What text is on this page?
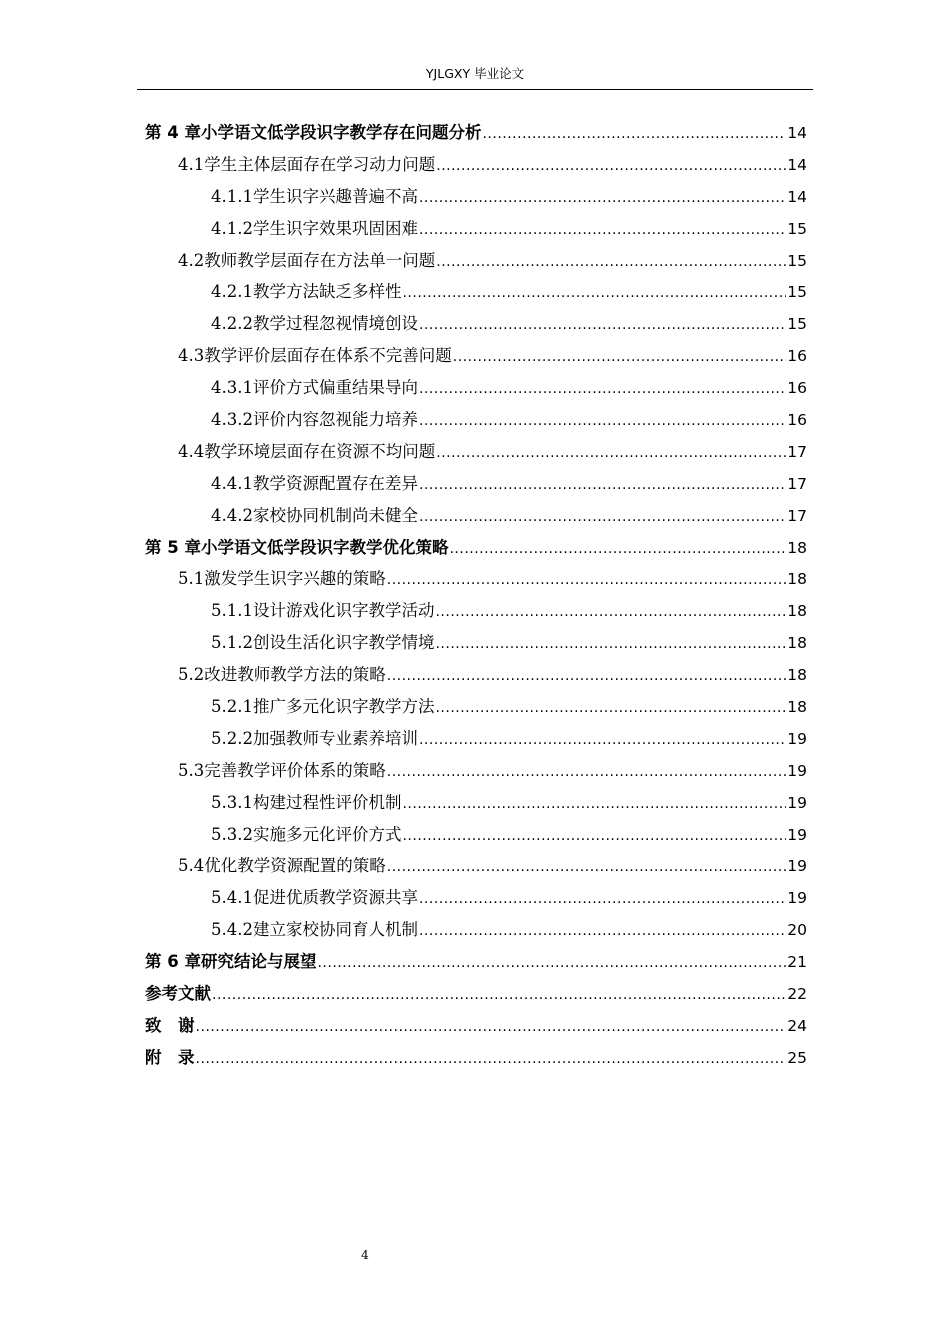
YJLGXY 毕业论文
第 4 章 小学语文低学段识字教学存在问题分析 .....	14
4.1 学生主体层面存在学习动力问题 .....	14
4.1.1 学生识字兴趣普遍不高 .....	14
4.1.2 学生识字效果巩固困难 .....	15
4.2 教师教学层面存在方法单一问题 .....	15
4.2.1 教学方法缺乏多样性 .....	15
4.2.2 教学过程忽视情境创设 .....	15
4.3 教学评价层面存在体系不完善问题 .....	16
4.3.1 评价方式偏重结果导向 .....	16
4.3.2 评价内容忽视能力培养 .....	16
4.4 教学环境层面存在资源不均问题 .....	17
4.4.1 教学资源配置存在差异 .....	17
4.4.2 家校协同机制尚未健全 .....	17
第 5 章 小学语文低学段识字教学优化策略 .....	18
5.1 激发学生识字兴趣的策略 .....	18
5.1.1 设计游戏化识字教学活动 .....	18
5.1.2 创设生活化识字教学情境 .....	18
5.2 改进教师教学方法的策略 .....	18
5.2.1 推广多元化识字教学方法 .....	18
5.2.2 加强教师专业素养培训 .....	19
5.3 完善教学评价体系的策略 .....	19
5.3.1 构建过程性评价机制 .....	19
5.3.2 实施多元化评价方式 .....	19
5.4 优化教学资源配置的策略 .....	19
5.4.1 促进优质教学资源共享 .....	19
5.4.2 建立家校协同育人机制 .....	20
第 6 章 研究结论与展望 .....	21
参考文献 .....	22
致　谢 .....	24
附　录 .....	25
4
